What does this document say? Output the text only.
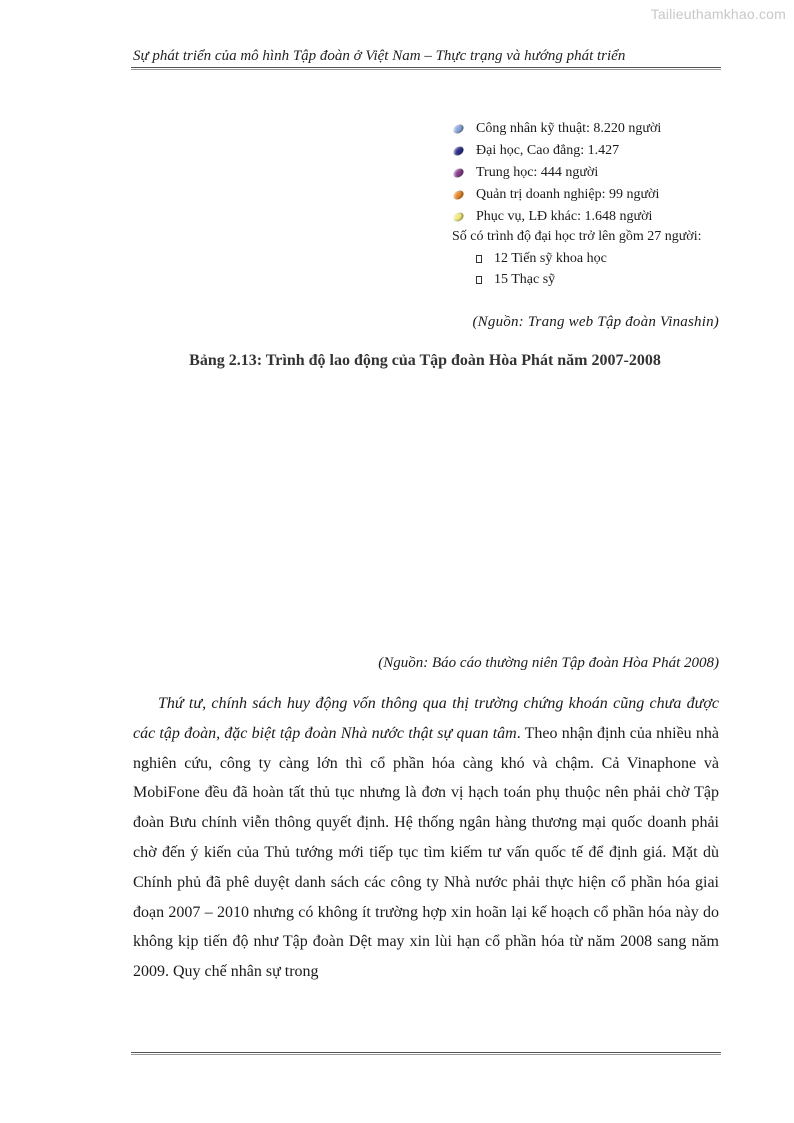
Tailieuthamkhao.com
Sự phát triển của mô hình Tập đoàn ở Việt Nam – Thực trạng và hướng phát triển
Công nhân kỹ thuật: 8.220 người
Đại học, Cao đẳng: 1.427
Trung học: 444 người
Quản trị doanh nghiệp: 99 người
Phục vụ, LĐ khác: 1.648 người
Số có trình độ đại học trở lên gồm 27 người:
12 Tiến sỹ khoa học
15 Thạc sỹ
(Nguồn: Trang web Tập đoàn Vinashin)
Bảng 2.13: Trình độ lao động của Tập đoàn Hòa Phát năm 2007-2008
(Nguồn: Báo cáo thường niên Tập đoàn Hòa Phát 2008)
Thứ tư, chính sách huy động vốn thông qua thị trường chứng khoán cũng chưa được các tập đoàn, đặc biệt tập đoàn Nhà nước thật sự quan tâm. Theo nhận định của nhiều nhà nghiên cứu, công ty càng lớn thì cổ phần hóa càng khó và chậm. Cả Vinaphone và MobiFone đều đã hoàn tất thủ tục nhưng là đơn vị hạch toán phụ thuộc nên phải chờ Tập đoàn Bưu chính viễn thông quyết định. Hệ thống ngân hàng thương mại quốc doanh phải chờ đến ý kiến của Thủ tướng mới tiếp tục tìm kiếm tư vấn quốc tế để định giá. Mặt dù Chính phủ đã phê duyệt danh sách các công ty Nhà nước phải thực hiện cổ phần hóa giai đoạn 2007 – 2010 nhưng có không ít trường hợp xin hoãn lại kế hoạch cổ phần hóa này do không kịp tiến độ như Tập đoàn Dệt may xin lùi hạn cổ phần hóa từ năm 2008 sang năm 2009. Quy chế nhân sự trong
